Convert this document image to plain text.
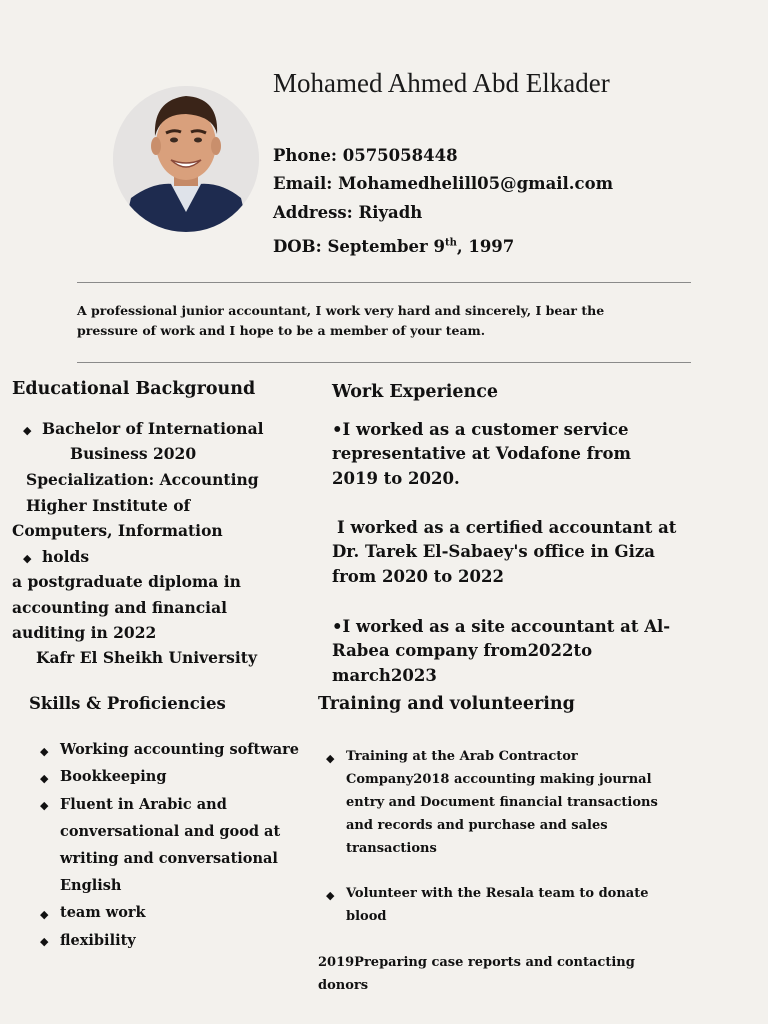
Mohamed Ahmed Abd Elkader
Phone: 0575058448
Email: Mohamedhelill05@gmail.com
Address: Riyadh
DOB: September 9th, 1997
A professional junior accountant, I work very hard and sincerely, I bear the
pressure of work and I hope to be a member of your team.
Educational Background
◆ Bachelor of International
Business 2020
Specialization: Accounting
Higher Institute of
Computers, Information
◆ holds
a postgraduate diploma in
accounting and financial
auditing in 2022
Kafr El Sheikh University
Work Experience
•I worked as a customer service
representative at Vodafone from
2019 to 2020.
I worked as a certified accountant at
Dr. Tarek El-Sabaey's office in Giza
from 2020 to 2022
•I worked as a site accountant at Al-
Rabea company from2022to
march2023
Skills & Proficiencies
◆ Working accounting software
◆ Bookkeeping
◆ Fluent in Arabic and
conversational and good at
writing and conversational
English
◆ team work
◆ flexibility
Training and volunteering
◆ Training at the Arab Contractor
Company2018 accounting making journal
entry and Document financial transactions
and records and purchase and sales
transactions
◆ Volunteer with the Resala team to donate
blood
2019Preparing case reports and contacting
donors
